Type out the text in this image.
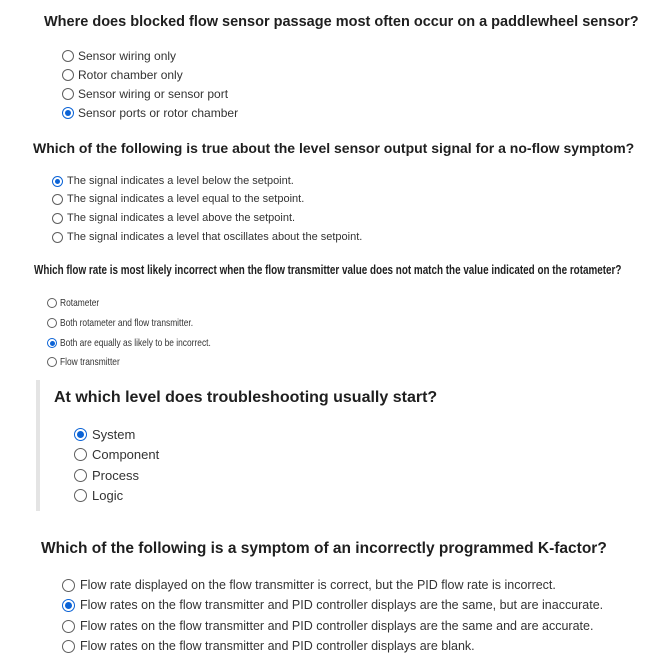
Where does blocked flow sensor passage most often occur on a paddlewheel sensor?
Sensor wiring only
Rotor chamber only
Sensor wiring or sensor port
Sensor ports or rotor chamber
Which of the following is true about the level sensor output signal for a no-flow symptom?
The signal indicates a level below the setpoint.
The signal indicates a level equal to the setpoint.
The signal indicates a level above the setpoint.
The signal indicates a level that oscillates about the setpoint.
Which flow rate is most likely incorrect when the flow transmitter value does not match the value indicated on the rotameter?
Rotameter
Both rotameter and flow transmitter.
Both are equally as likely to be incorrect.
Flow transmitter
At which level does troubleshooting usually start?
System
Component
Process
Logic
Which of the following is a symptom of an incorrectly programmed K-factor?
Flow rate displayed on the flow transmitter is correct, but the PID flow rate is incorrect.
Flow rates on the flow transmitter and PID controller displays are the same, but are inaccurate.
Flow rates on the flow transmitter and PID controller displays are the same and are accurate.
Flow rates on the flow transmitter and PID controller displays are blank.
